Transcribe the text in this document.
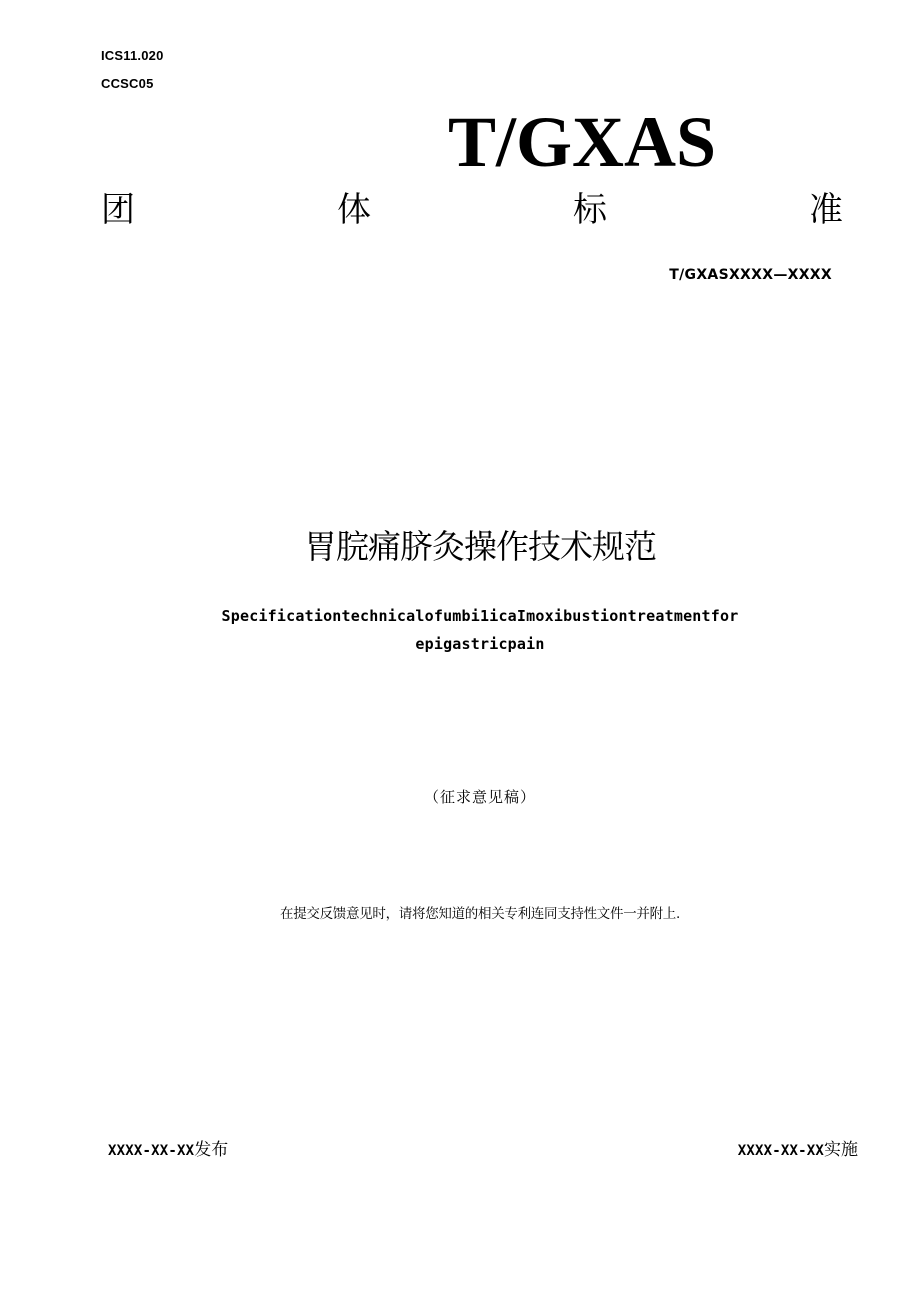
ICS11.020
CCSC05
T/GXAS
团	体	标	准
T/GXASXXXX—XXXX
胃脘痛脐灸操作技术规范
Specificationtechnicalofumbi1icaImoxibustiontreatmentfor
epigastricpain
（征求意见稿）
在提交反馈意见时，请将您知道的相关专利连同支持性文件一并附上.
XXXX-XX-XX发布	XXXX-XX-XX实施
